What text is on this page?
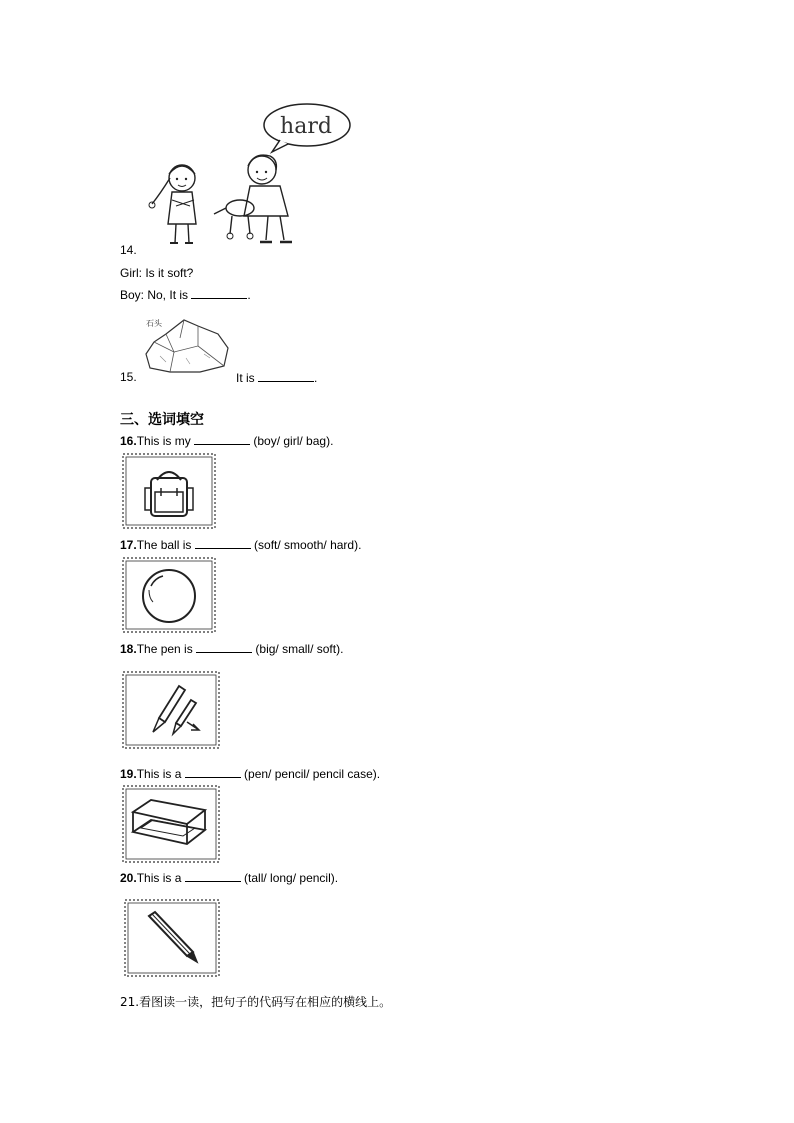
hard
14.
Girl: Is it soft?
Boy: No, It is	.
石头
15.	It is	.
三、选词填空
16.This is my	(boy/ girl/ bag).
17.The ball is	(soft/ smooth/ hard).
18.The pen is	(big/ small/ soft).
19.This is a	(pen/ pencil/ pencil case).
20.This is a	(tall/ long/ pencil).
21.看图读一读，把句子的代码写在相应的横线上。
